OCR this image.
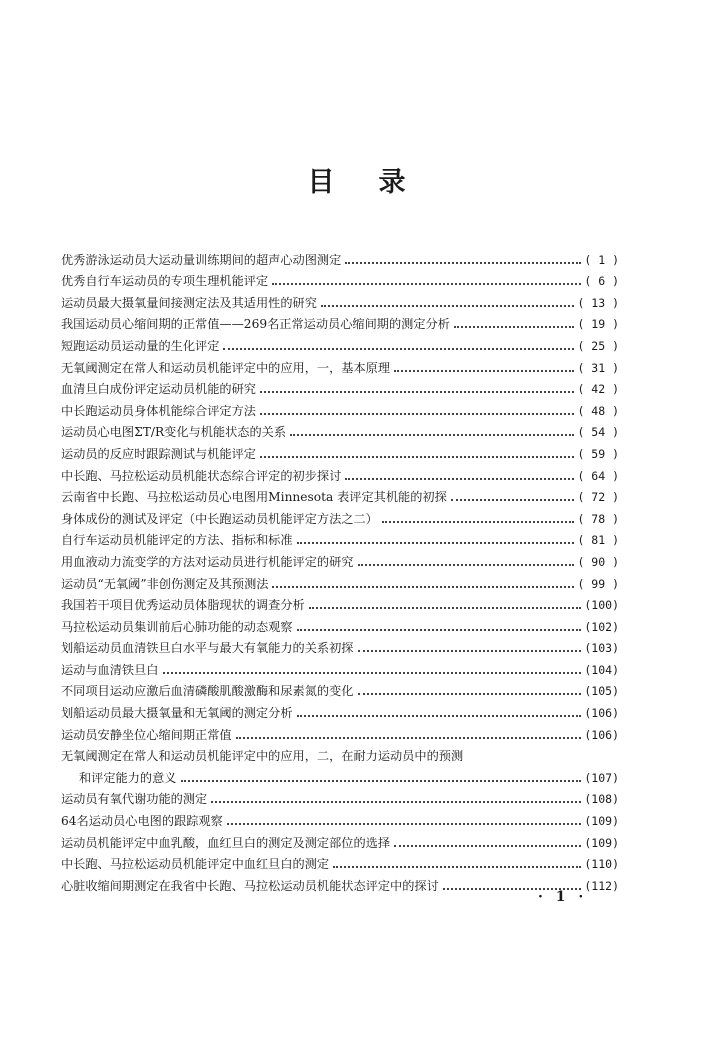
目 录
优秀游泳运动员大运动量训练期间的超声心动图测定	( 1 )
优秀自行车运动员的专项生理机能评定	( 6 )
运动员最大摄氧量间接测定法及其适用性的研究	( 13 )
我国运动员心缩间期的正常值——269名正常运动员心缩间期的测定分析	( 19 )
短跑运动员运动量的生化评定	( 25 )
无氧阈测定在常人和运动员机能评定中的应用，一，基本原理	( 31 )
血清旦白成份评定运动员机能的研究	( 42 )
中长跑运动员身体机能综合评定方法	( 48 )
运动员心电图ΣT/R变化与机能状态的关系	( 54 )
运动员的反应时跟踪测试与机能评定	( 59 )
中长跑、马拉松运动员机能状态综合评定的初步探讨	( 64 )
云南省中长跑、马拉松运动员心电图用Minnesota 表评定其机能的初探	( 72 )
身体成份的测试及评定（中长跑运动员机能评定方法之二）	( 78 )
自行车运动员机能评定的方法、指标和标准	( 81 )
用血液动力流变学的方法对运动员进行机能评定的研究	( 90 )
运动员“无氧阈”非创伤测定及其预测法	( 99 )
我国若干项目优秀运动员体脂现状的调查分析	(100)
马拉松运动员集训前后心肺功能的动态观察	(102)
划船运动员血清铁旦白水平与最大有氧能力的关系初探	(103)
运动与血清铁旦白	(104)
不同项目运动应激后血清磷酸肌酸激酶和尿素氮的变化	(105)
划船运动员最大摄氧量和无氧阈的测定分析	(106)
运动员安静坐位心缩间期正常值	(106)
无氧阈测定在常人和运动员机能评定中的应用，二，在耐力运动员中的预测
和评定能力的意义	(107)
运动员有氧代谢功能的测定	(108)
64名运动员心电图的跟踪观察	(109)
运动员机能评定中血乳酸，血红旦白的测定及测定部位的选择	(109)
中长跑、马拉松运动员机能评定中血红旦白的测定	(110)
心脏收缩间期测定在我省中长跑、马拉松运动员机能状态评定中的探讨	(112)
· 1 ·
